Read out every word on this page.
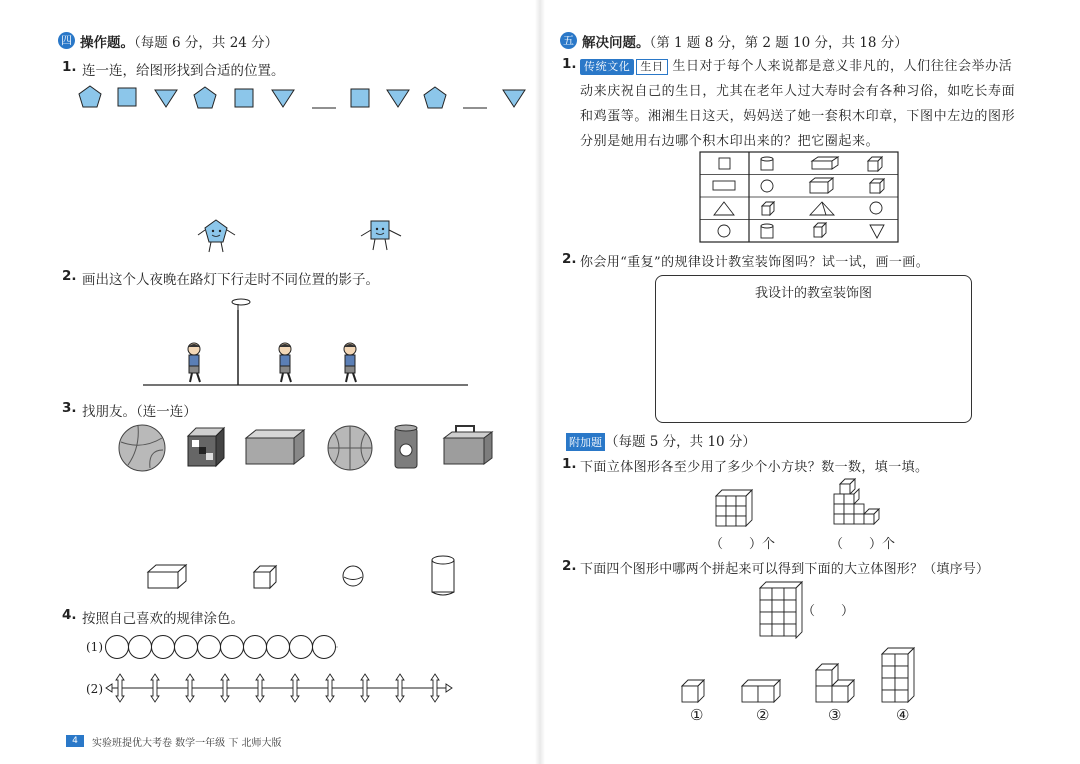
四 操作题。（每题 6 分，共 24 分）
1. 连一连，给图形找到合适的位置。
2. 画出这个人夜晚在路灯下行走时不同位置的影子。
3. 找朋友。（连一连）
4. 按照自己喜欢的规律涂色。
(1)
(2)
4	实验班提优大考卷 数学一年级 下 北师大版
五 解决问题。（第 1 题 8 分，第 2 题 10 分，共 18 分）
1. 传统文化 生日 生日对于每个人来说都是意义非凡的，人们往往会举办活
动来庆祝自己的生日，尤其在老年人过大寿时会有各种习俗，如吃长寿面
和鸡蛋等。湘湘生日这天，妈妈送了她一套积木印章，下图中左边的图形
分别是她用右边哪个积木印出来的？把它圈起来。
2. 你会用“重复”的规律设计教室装饰图吗？试一试，画一画。
我设计的教室装饰图
附加题 （每题 5 分，共 10 分）
1. 下面立体图形各至少用了多少个小方块？数一数，填一填。
（　　）个	（　　）个
2. 下面四个图形中哪两个拼起来可以得到下面的大立体图形？（填序号）
（　　）
①	②	③	④
